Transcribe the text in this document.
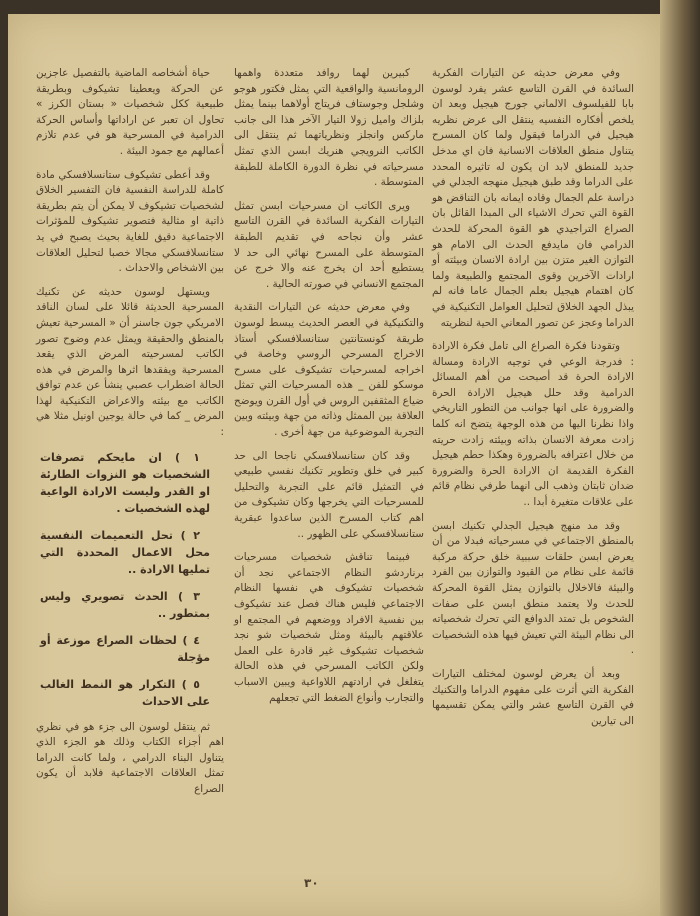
وفي معرض حديثه عن التيارات الفكرية السائدة في القرن التاسع عشر يفرد لوسون بابا للفيلسوف الالماني جورج هيجيل وبعد ان يلخص أفكاره النفسيه ينتقل الى عرض نظريه هيجيل في الدراما فيقول ولما كان المسرح يتناول منطق العلاقات الانسانية فان اي مدخل جديد للمنطق لابد ان يكون له تاثيره المحدد على الدراما وقد طبق هيجيل منهجه الجدلي في دراسة علم الجمال وقاده ايمانه بان التناقض هو القوة التي تحرك الاشياء الى المبدا القائل بان الصراع التراجيدي هو القوة المحركة للحدث الدرامي فان مايدفع الحدث الى الامام هو التوازن الغير متزن بين ارادة الانسان وبيئته أو ارادات الآخرين وقوى المجتمع والطبيعة ولما كان اهتمام هيجيل بعلم الجمال عاما فانه لم يبذل الجهد الخلاق لتحليل العوامل التكنيكية في الدراما وعجز عن تصور المعاني الحية لنظريته

وتقودنا فكرة الصراع الى تامل فكرة الارادة : فدرجة الوعي في توجيه الارادة ومسالة الارادة الحرة قد أصبحت من أهم المسائل الدرامية وقد حلل هيجيل الارادة الحرة والضرورة على انها جوانب من التطور التاريخي واذا نظرنا اليها من هذه الوجهة يتضح انه كلما زادت معرفة الانسان بذاته وبيئته زادت حريته من خلال اعترافه بالضرورة وهكذا حطم هيجيل الفكرة القديمة ان الارادة الحرة والضرورة ضدان ثابتان وذهب الى انهما طرفي نظام قائم على علاقات متغيرة أبدا ..

وقد مد منهج هيجيل الجدلي تكنيك ابسن بالمنطق الاجتماعي في مسرحياته فبدلا من أن يعرض ابسن حلقات سببية خلق حركة مركبة قائمة على نظام من القيود والتوازن بين الفرد والبيئة فالاخلال بالتوازن يمثل القوة المحركة للحدث ولا يعتمد منطق ابسن على صفات الشخوص بل تمتد الدوافع التي تحرك شخصياته الى نظام البيئة التي تعيش فيها هذه الشخصيات .

وبعد أن يعرض لوسون لمختلف التيارات الفكرية التي أثرت على مفهوم الدراما والتكنيك في القرن التاسع عشر والتي يمكن تقسيمها الى تيارين

كبيرين لهما روافد متعددة واهمها الرومانسية والواقعية التي يمثل فكتور هوجو وشلجل وجوستاف فريتاج أولاهما بينما يمثل بلزاك واميل زولا التيار الآخر هذا الى جانب ماركس وانجلز ونظرياتهما ثم ينتقل الى الكاتب النرويجي هنريك ابسن الذي تمثل مسرحياته في نظرة الدورة الكاملة للطبقة المتوسطة .

ويرى الكاتب ان مسرحيات ابسن تمثل التيارات الفكرية السائدة في القرن التاسع عشر وأن نجاحه في تقديم الطبقة المتوسطة على المسرح نهائي الى حد لا يستطيع أحد ان يخرج عنه والا خرج عن المجتمع الانساني في صورته الحالية .

وفي معرض حديثه عن التيارات النقدية والتكنيكية في العصر الحديث يبسط لوسون طريقة كونستانتين ستانسلافسكي أستاذ الاخراج المسرحي الروسي وخاصة في اخراجه لمسرحيات تشيكوف على مسرح موسكو للفن _ هذه المسرحيات التي تمثل ضياع المثقفين الروس في أول القرن ويوضح العلاقة بين الممثل وذاته من جهة وبيئته وبين التجربة الموضوعية من جهة أخرى .

وقد كان ستانسلافسكي ناجحا الى حد كبير في خلق وتطوير تكنيك نفسي طبيعي في التمثيل قائم على التجربة والتحليل للمسرحيات التي يخرجها وكان تشيكوف من اهم كتاب المسرح الذين ساعدوا عبقرية ستانسلافسكي على الظهور ..

فبينما تناقش شخصيات مسرحيات برناردشو النظام الاجتماعي نجد أن شخصيات تشيكوف هي نفسها النظام الاجتماعي فليس هناك فصل عند تشيكوف بين نفسية الافراد ووضعهم في المجتمع او علاقتهم بالبيئة ومثل شخصيات شو نجد شخصيات تشيكوف غير قادرة على العمل ولكن الكاتب المسرحي في هذه الحالة يتغلغل في ارادتهم اللاواعية ويبين الاسباب والتجارب وأنواع الضغط التي تجعلهم

حياة أشخاصه الماضية بالتفصيل عاجزين عن الحركة ويعطينا تشيكوف وبطريقة طبيعية ككل شخصيات « بستان الكرز » تحاول ان تعبر عن اراداتها وأساس الحركة الدرامية في المسرحية هو في عدم تلازم أعمالهم مع جمود البيئة .

وقد أعطى تشيكوف ستانسلافسكي مادة كاملة للدراسة النفسية فان التفسير الخلاق لشخصيات تشيكوف لا يمكن أن يتم بطريقة ذاتية او مثالية فتصوير تشيكوف للمؤثرات الاجتماعية دقيق للغاية بحيث يصبح في يد ستانسلافسكي مجالا خصبا لتحليل العلاقات بين الاشخاص والاحداث .

ويستهل لوسون حديثه عن تكنيك المسرحية الحديثة قائلا على لسان الناقد الامريكي جون جاسنر أن « المسرحية تعيش بالمنطق والحقيقة ويمثل عدم وضوح تصور الكاتب لمسرحيته المرض الذي يقعد المسرحية ويفقدها اثرها والمرض في هذه الحالة اضطراب عصبي ينشأ عن عدم توافق الكاتب مع بيئته والاعراض التكنيكية لهذا المرض _ كما في حالة يوجين اونيل مثلا هي :

١ ) ان مايحكم تصرفات الشخصيات هو النزوات الطارئة او القدر وليست الارادة الواعية لهذه الشخصيات .

٢ ) تحل التعميمات النفسية محل الاعمال المحددة التي تمليها الارادة ..

٣ ) الحدث تصويري وليس بمتطور ..

٤ ) لحظات الصراع موزعة أو مؤجلة

٥ ) التكرار هو النمط الغالب على الاحداث

ثم ينتقل لوسون الى جزء هو في نظري اهم أجزاء الكتاب وذلك هو الجزء الذي يتناول البناء الدرامي ، ولما كانت الدراما تمثل العلاقات الاجتماعية فلابد أن يكون الصراع

٣٠
